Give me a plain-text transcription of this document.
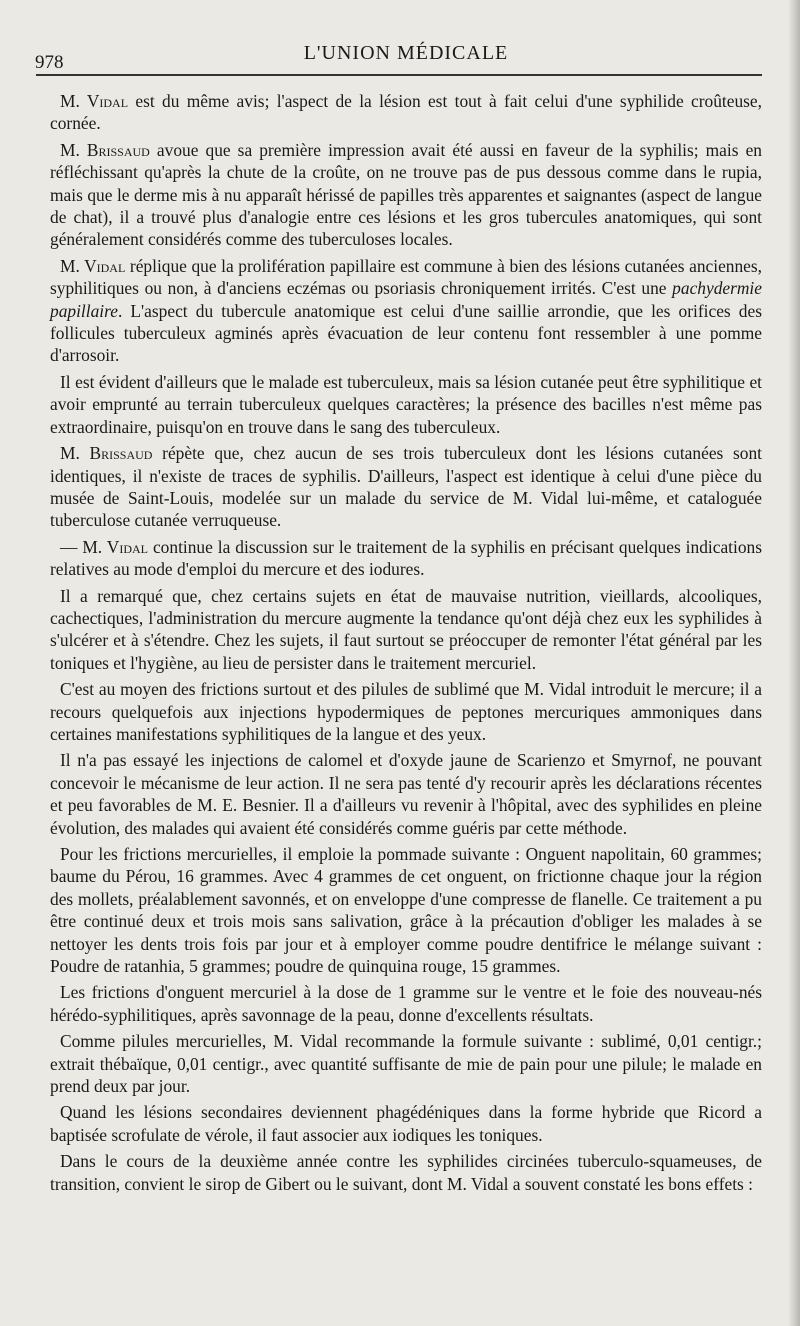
978	L'UNION MÉDICALE

M. Vidal est du même avis; l'aspect de la lésion est tout à fait celui d'une syphilide croûteuse, cornée.

M. Brissaud avoue que sa première impression avait été aussi en faveur de la syphilis; mais en réfléchissant qu'après la chute de la croûte, on ne trouve pas de pus dessous comme dans le rupia, mais que le derme mis à nu apparaît hérissé de papilles très apparentes et saignantes (aspect de langue de chat), il a trouvé plus d'analogie entre ces lésions et les gros tubercules anatomiques, qui sont généralement considérés comme des tuberculoses locales.

M. Vidal réplique que la prolifération papillaire est commune à bien des lésions cutanées anciennes, syphilitiques ou non, à d'anciens eczémas ou psoriasis chroniquement irrités. C'est une pachydermie papillaire. L'aspect du tubercule anatomique est celui d'une saillie arrondie, que les orifices des follicules tuberculeux agminés après évacuation de leur contenu font ressembler à une pomme d'arrosoir.

Il est évident d'ailleurs que le malade est tuberculeux, mais sa lésion cutanée peut être syphilitique et avoir emprunté au terrain tuberculeux quelques caractères; la présence des bacilles n'est même pas extraordinaire, puisqu'on en trouve dans le sang des tuberculeux.

M. Brissaud répète que, chez aucun de ses trois tuberculeux dont les lésions cutanées sont identiques, il n'existe de traces de syphilis. D'ailleurs, l'aspect est identique à celui d'une pièce du musée de Saint-Louis, modelée sur un malade du service de M. Vidal lui-même, et cataloguée tuberculose cutanée verruqueuse.

— M. Vidal continue la discussion sur le traitement de la syphilis en précisant quelques indications relatives au mode d'emploi du mercure et des iodures.

Il a remarqué que, chez certains sujets en état de mauvaise nutrition, vieillards, alcooliques, cachectiques, l'administration du mercure augmente la tendance qu'ont déjà chez eux les syphilides à s'ulcérer et à s'étendre. Chez les sujets, il faut surtout se préoccuper de remonter l'état général par les toniques et l'hygiène, au lieu de persister dans le traitement mercuriel.

C'est au moyen des frictions surtout et des pilules de sublimé que M. Vidal introduit le mercure; il a recours quelquefois aux injections hypodermiques de peptones mercuriques ammoniques dans certaines manifestations syphilitiques de la langue et des yeux.

Il n'a pas essayé les injections de calomel et d'oxyde jaune de Scarienzo et Smyrnof, ne pouvant concevoir le mécanisme de leur action. Il ne sera pas tenté d'y recourir après les déclarations récentes et peu favorables de M. E. Besnier. Il a d'ailleurs vu revenir à l'hôpital, avec des syphilides en pleine évolution, des malades qui avaient été considérés comme guéris par cette méthode.

Pour les frictions mercurielles, il emploie la pommade suivante : Onguent napolitain, 60 grammes; baume du Pérou, 16 grammes. Avec 4 grammes de cet onguent, on frictionne chaque jour la région des mollets, préalablement savonnés, et on enveloppe d'une compresse de flanelle. Ce traitement a pu être continué deux et trois mois sans salivation, grâce à la précaution d'obliger les malades à se nettoyer les dents trois fois par jour et à employer comme poudre dentifrice le mélange suivant : Poudre de ratanhia, 5 grammes; poudre de quinquina rouge, 15 grammes.

Les frictions d'onguent mercuriel à la dose de 1 gramme sur le ventre et le foie des nouveau-nés hérédo-syphilitiques, après savonnage de la peau, donne d'excellents résultats.

Comme pilules mercurielles, M. Vidal recommande la formule suivante : sublimé, 0,01 centigr.; extrait thébaïque, 0,01 centigr., avec quantité suffisante de mie de pain pour une pilule; le malade en prend deux par jour.

Quand les lésions secondaires deviennent phagédéniques dans la forme hybride que Ricord a baptisée scrofulate de vérole, il faut associer aux iodiques les toniques.

Dans le cours de la deuxième année contre les syphilides circinées tuberculo-squameuses, de transition, convient le sirop de Gibert ou le suivant, dont M. Vidal a souvent constaté les bons effets :
